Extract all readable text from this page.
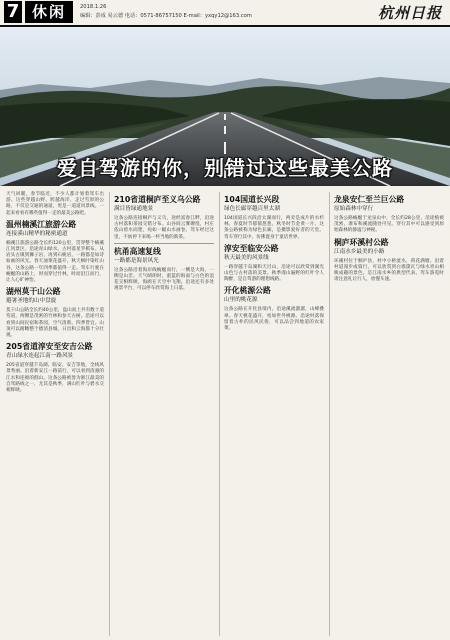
7 休闲	2018.1.26
编辑：彭成 易云德 电话：0571-86757150 E-mail：yxqy12@163.com	杭州日报
爱自驾游的你，别错过这些最美公路

天气回暖，春节临近，不少人都计划着驾车出游。这些穿越山野、跨越海洋、走过雪原的公路，不仅是交通的通道，更是一道道风景线。一起来看看有哪些值得一走的最美公路吧。

温州楠溪江旅游公路
连接溪山精华的秘密通道

楠溪江旅游公路全长约120公里，贯穿整个楠溪江风景区，沿途青山绿水、古村落星罗棋布。从岩头古镇到狮子岩，再到石桅岩，一路都是如诗如画的风光。春天油菜花盛开，秋天枫叶染红山谷，这条公路一年四季都值得一走。驾车行驶在蜿蜒的山路上，时而穿过竹林，时而沿江而行，让人心旷神怡。

湖州莫干山公路
避暑圣地的山中盘旋

莫干山公路全长约40公里，盘山而上共有数十道弯道，两侧是茂密的竹林和参天古树。沿途可以看到山间民宿和茶园，空气清新，四季皆宜。山顶可以俯瞰整个德清县城，日出和云海都十分壮观。

205省道淳安至安吉公路
青山绿水连起江南一路风景

205省道穿越千岛湖、临安、安吉等地，全线风景秀丽。沿着新安江一路前行，可以看到清澈的江水和连绵的群山。这条公路被誉为浙江最美的自驾路线之一，尤其是秋季，满山红叶与碧水交相辉映。

210省道桐庐至义乌公路
满目皆绿通地景

这条公路连接桐庐与义乌，途经富春江畔，沿途古村落和茶园交错分布。山谷间云雾缭绕，村庄依山傍水而建，宛如一幅山水画卷。驾车经过这里，不妨停下来喝一杯当地的新茶。

杭甬高速复线
一路都是海景风光

这条公路沿着海岸线蜿蜒而行，一侧是大海，一侧是山峦。天气晴朗时，湛蓝的海面与白色的浪花交相辉映，海鸥在天空中飞翔。沿途还有多处观景平台，可以停车欣赏海上日落。

104国道长兴段
绿色长廊穿越百里太湖

104国道长兴段沿太湖而行，两旁是成片的水杉林，春夏时节郁郁葱葱，秋冬时节金黄一片。这条公路被称为绿色长廊，是摄影爱好者的天堂。驾车穿行其中，仿佛置身于童话世界。

淳安至临安公路
秋天最美的风景线

一路穿越千岛湖和天目山，沿途可以欣赏到湖光山色与古村落的美景。秋季漫山遍野的红叶令人陶醉，是自驾游的理想线路。

开化桃源公路
山里的桃花源

这条公路在开化县境内，沿途溪流潺潺，山峰叠翠。春天桃花盛开，宛如世外桃源。沿途村落保留着古朴的民风民俗，可以品尝到地道的农家菜。

龙泉安仁至兰巨公路
原始森林中穿行

这条公路蜿蜒于龙泉山中，全长约28公里，沿途植被茂密，瀑布和溪流随处可见。穿行其中可以感受到原始森林的静谧与神秘。

桐庐环溪村公路
江南水乡最美的小路

环溪村位于桐庐县，村中小桥流水，荷花满塘。沿着村道漫步或骑行，可以欣赏到白墙黛瓦与绿水青山相映成趣的景色，是江南水乡的典型代表。驾车游览时请注意礼让行人，放慢车速。
